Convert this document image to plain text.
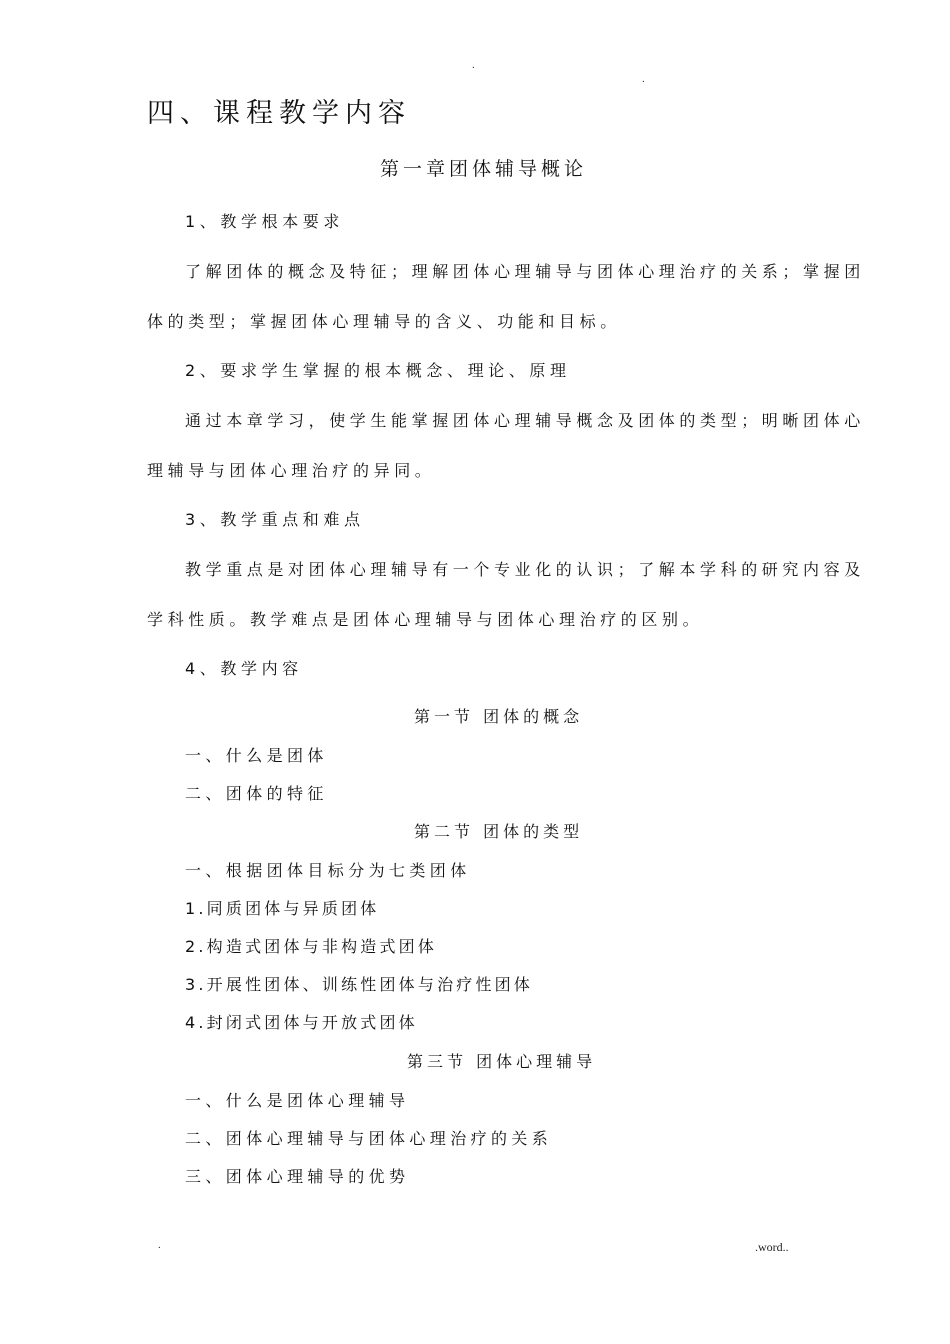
.
.
四、课程教学内容
第一章团体辅导概论
1、教学根本要求
了解团体的概念及特征；理解团体心理辅导与团体心理治疗的关系；掌握团
体的类型；掌握团体心理辅导的含义、功能和目标。
2、要求学生掌握的根本概念、理论、原理
通过本章学习，使学生能掌握团体心理辅导概念及团体的类型；明晰团体心
理辅导与团体心理治疗的异同。
3、教学重点和难点
教学重点是对团体心理辅导有一个专业化的认识；了解本学科的研究内容及
学科性质。教学难点是团体心理辅导与团体心理治疗的区别。
4、教学内容
第一节 团体的概念
一、什么是团体
二、团体的特征
第二节 团体的类型
一、根据团体目标分为七类团体
1.同质团体与异质团体
2.构造式团体与非构造式团体
3.开展性团体、训练性团体与治疗性团体
4.封闭式团体与开放式团体
第三节 团体心理辅导
一、什么是团体心理辅导
二、团体心理辅导与团体心理治疗的关系
三、团体心理辅导的优势
.	.word..
